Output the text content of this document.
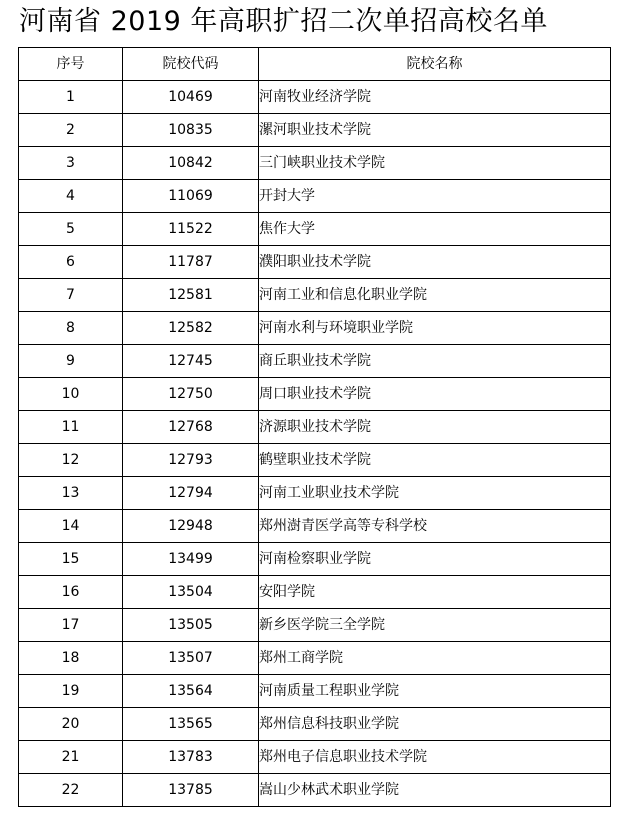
河南省 2019 年高职扩招二次单招高校名单
序号	院校代码	院校名称
1	10469	河南牧业经济学院
2	10835	漯河职业技术学院
3	10842	三门峡职业技术学院
4	11069	开封大学
5	11522	焦作大学
6	11787	濮阳职业技术学院
7	12581	河南工业和信息化职业学院
8	12582	河南水利与环境职业学院
9	12745	商丘职业技术学院
10	12750	周口职业技术学院
11	12768	济源职业技术学院
12	12793	鹤壁职业技术学院
13	12794	河南工业职业技术学院
14	12948	郑州澍青医学高等专科学校
15	13499	河南检察职业学院
16	13504	安阳学院
17	13505	新乡医学院三全学院
18	13507	郑州工商学院
19	13564	河南质量工程职业学院
20	13565	郑州信息科技职业学院
21	13783	郑州电子信息职业技术学院
22	13785	嵩山少林武术职业学院
